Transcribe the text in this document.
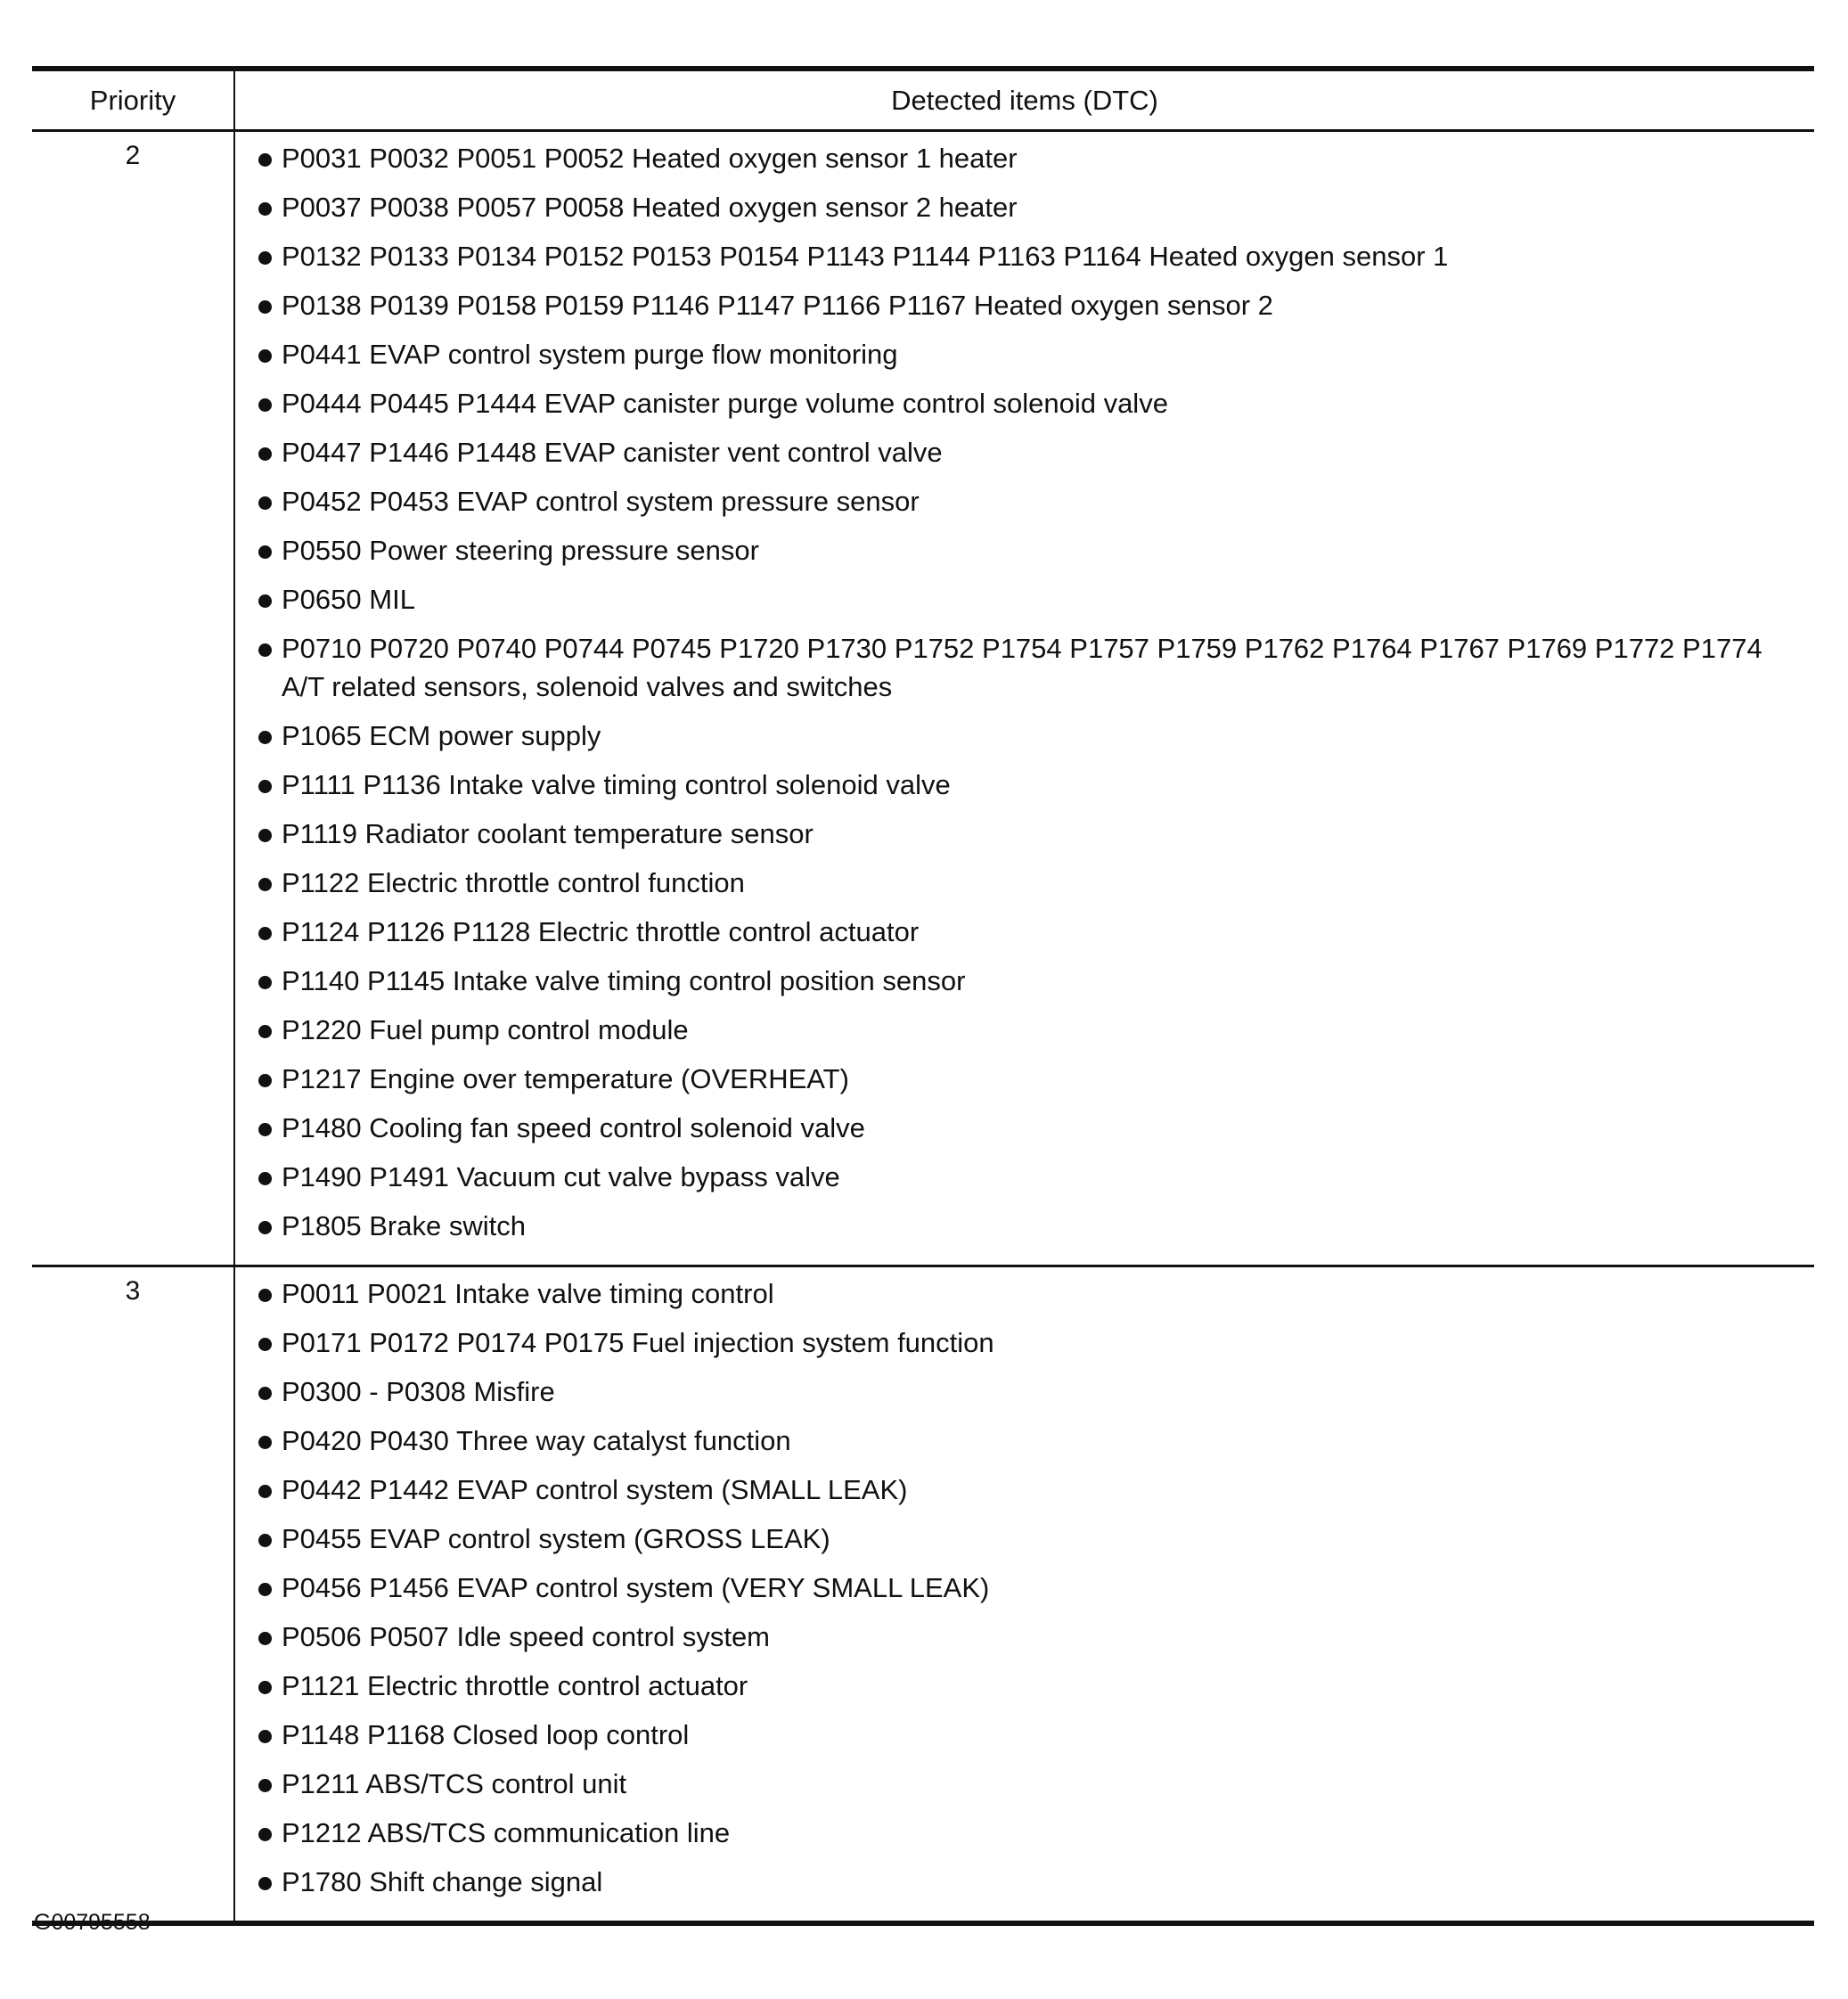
Priority	Detected items (DTC)
2	P0031 P0032 P0051 P0052 Heated oxygen sensor 1 heater
P0037 P0038 P0057 P0058 Heated oxygen sensor 2 heater
P0132 P0133 P0134 P0152 P0153 P0154 P1143 P1144 P1163 P1164 Heated oxygen sensor 1
P0138 P0139 P0158 P0159 P1146 P1147 P1166 P1167 Heated oxygen sensor 2
P0441 EVAP control system purge flow monitoring
P0444 P0445 P1444 EVAP canister purge volume control solenoid valve
P0447 P1446 P1448 EVAP canister vent control valve
P0452 P0453 EVAP control system pressure sensor
P0550 Power steering pressure sensor
P0650 MIL
P0710 P0720 P0740 P0744 P0745 P1720 P1730 P1752 P1754 P1757 P1759 P1762 P1764 P1767 P1769 P1772 P1774 A/T related sensors, solenoid valves and switches
P1065 ECM power supply
P1111 P1136 Intake valve timing control solenoid valve
P1119 Radiator coolant temperature sensor
P1122 Electric throttle control function
P1124 P1126 P1128 Electric throttle control actuator
P1140 P1145 Intake valve timing control position sensor
P1220 Fuel pump control module
P1217 Engine over temperature (OVERHEAT)
P1480 Cooling fan speed control solenoid valve
P1490 P1491 Vacuum cut valve bypass valve
P1805 Brake switch
3	P0011 P0021 Intake valve timing control
P0171 P0172 P0174 P0175 Fuel injection system function
P0300 - P0308 Misfire
P0420 P0430 Three way catalyst function
P0442 P1442 EVAP control system (SMALL LEAK)
P0455 EVAP control system (GROSS LEAK)
P0456 P1456 EVAP control system (VERY SMALL LEAK)
P0506 P0507 Idle speed control system
P1121 Electric throttle control actuator
P1148 P1168 Closed loop control
P1211 ABS/TCS control unit
P1212 ABS/TCS communication line
P1780 Shift change signal
G00795558
